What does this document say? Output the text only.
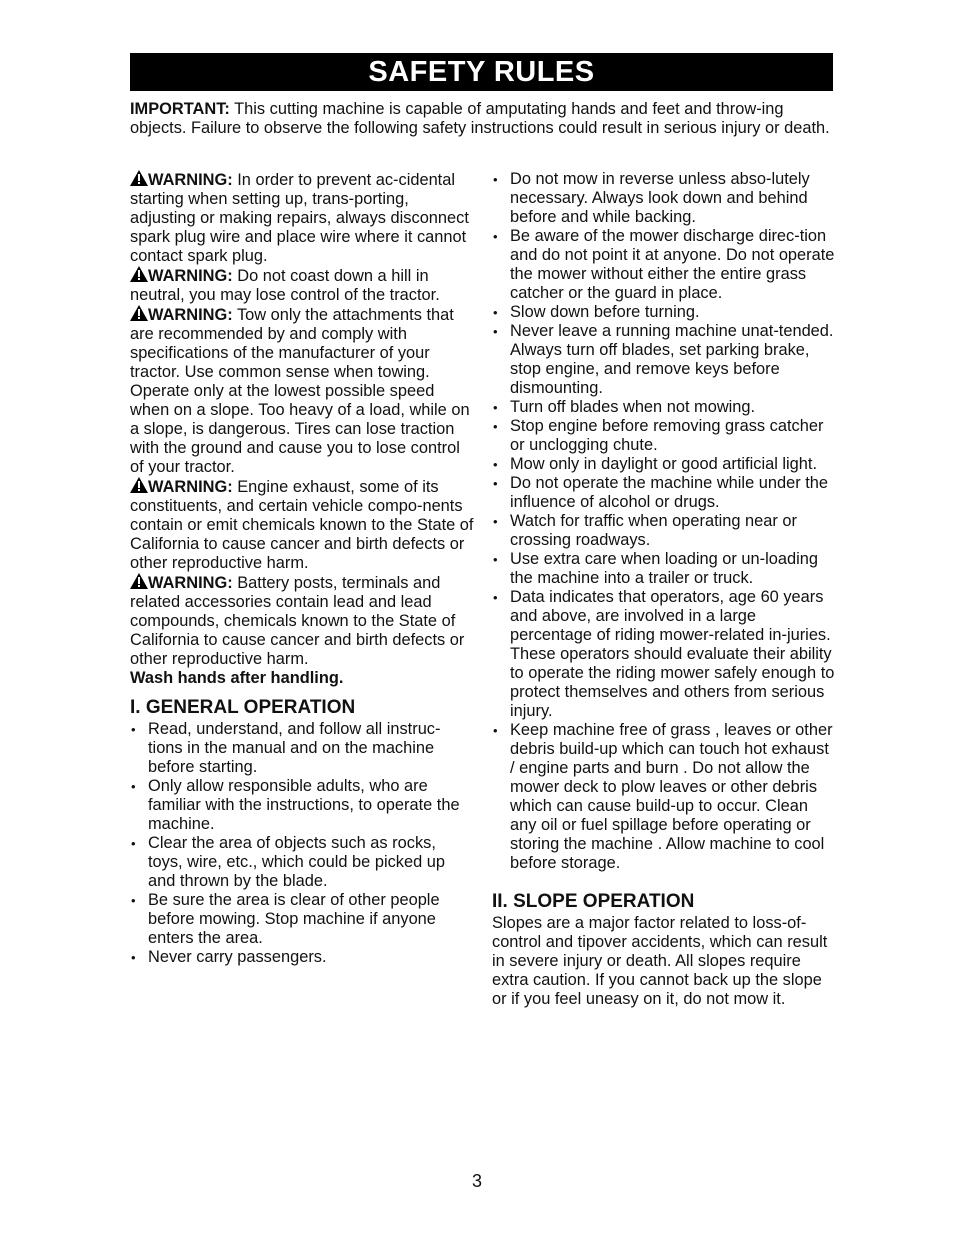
SAFETY RULES

IMPORTANT: This cutting machine is capable of amputating hands and feet and throw-ing objects. Failure to observe the following safety instructions could result in serious injury or death.

WARNING: In order to prevent ac-cidental starting when setting up, trans-porting, adjusting or making repairs, always disconnect spark plug wire and place wire where it cannot contact spark plug.

WARNING: Do not coast down a hill in neutral, you may lose control of the tractor.

WARNING: Tow only the attachments that are recommended by and comply with specifications of the manufacturer of your tractor. Use common sense when towing. Operate only at the lowest possible speed when on a slope. Too heavy of a load, while on a slope, is dangerous. Tires can lose traction with the ground and cause you to lose control of your tractor.

WARNING: Engine exhaust, some of its constituents, and certain vehicle compo-nents contain or emit chemicals known to the State of California to cause cancer and birth defects or other reproductive harm.

WARNING: Battery posts, terminals and related accessories contain lead and lead compounds, chemicals known to the State of California to cause cancer and birth defects or other reproductive harm.

Wash hands after handling.

I. GENERAL OPERATION
• Read, understand, and follow all instruc-tions in the manual and on the machine before starting.
• Only allow responsible adults, who are familiar with the instructions, to operate the machine.
• Clear the area of objects such as rocks, toys, wire, etc., which could be picked up and thrown by the blade.
• Be sure the area is clear of other people before mowing. Stop machine if anyone enters the area.
• Never carry passengers.
• Do not mow in reverse unless abso-lutely necessary. Always look down and behind before and while backing.
• Be aware of the mower discharge direc-tion and do not point it at anyone. Do not operate the mower without either the entire grass catcher or the guard in place.
• Slow down before turning.
• Never leave a running machine unat-tended. Always turn off blades, set parking brake, stop engine, and remove keys before dismounting.
• Turn off blades when not mowing.
• Stop engine before removing grass catcher or unclogging chute.
• Mow only in daylight or good artificial light.
• Do not operate the machine while under the influence of alcohol or drugs.
• Watch for traffic when operating near or crossing roadways.
• Use extra care when loading or un-loading the machine into a trailer or truck.
• Data indicates that operators, age 60 years and above, are involved in a large percentage of riding mower-related in-juries. These operators should evaluate their ability to operate the riding mower safely enough to protect themselves and others from serious injury.
• Keep machine free of grass , leaves or other debris build-up which can touch hot exhaust / engine parts and burn . Do not allow the mower deck to plow leaves or other debris which can cause build-up to occur. Clean any oil or fuel spillage before operating or storing the machine . Allow machine to cool before storage.
II. SLOPE OPERATION

Slopes are a major factor related to loss-of-control and tipover accidents, which can result in severe injury or death. All slopes require extra caution. If you cannot back up the slope or if you feel uneasy on it, do not mow it.

3
